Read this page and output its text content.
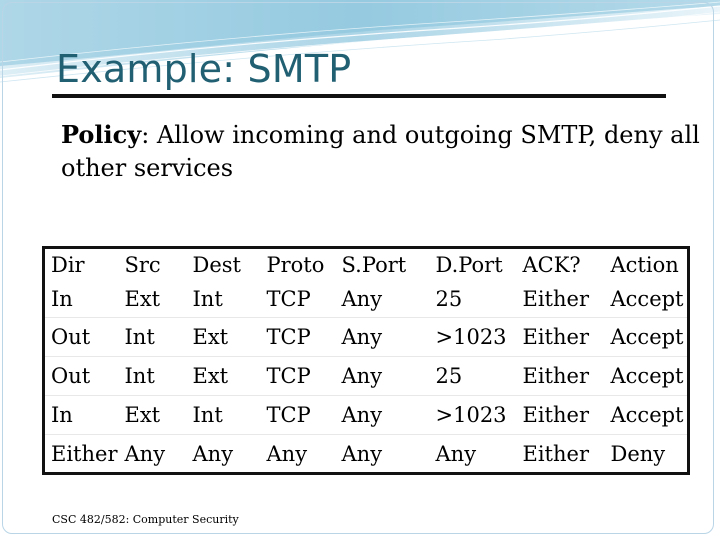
Example: SMTP
Policy: Allow incoming and outgoing SMTP, deny all other services
Dir	Src	Dest	Proto	S.Port	D.Port	ACK?	Action
In	Ext	Int	TCP	Any	25	Either	Accept
Out	Int	Ext	TCP	Any	>1023	Either	Accept
Out	Int	Ext	TCP	Any	25	Either	Accept
In	Ext	Int	TCP	Any	>1023	Either	Accept
Either	Any	Any	Any	Any	Any	Either	Deny
CSC 482/582: Computer Security
